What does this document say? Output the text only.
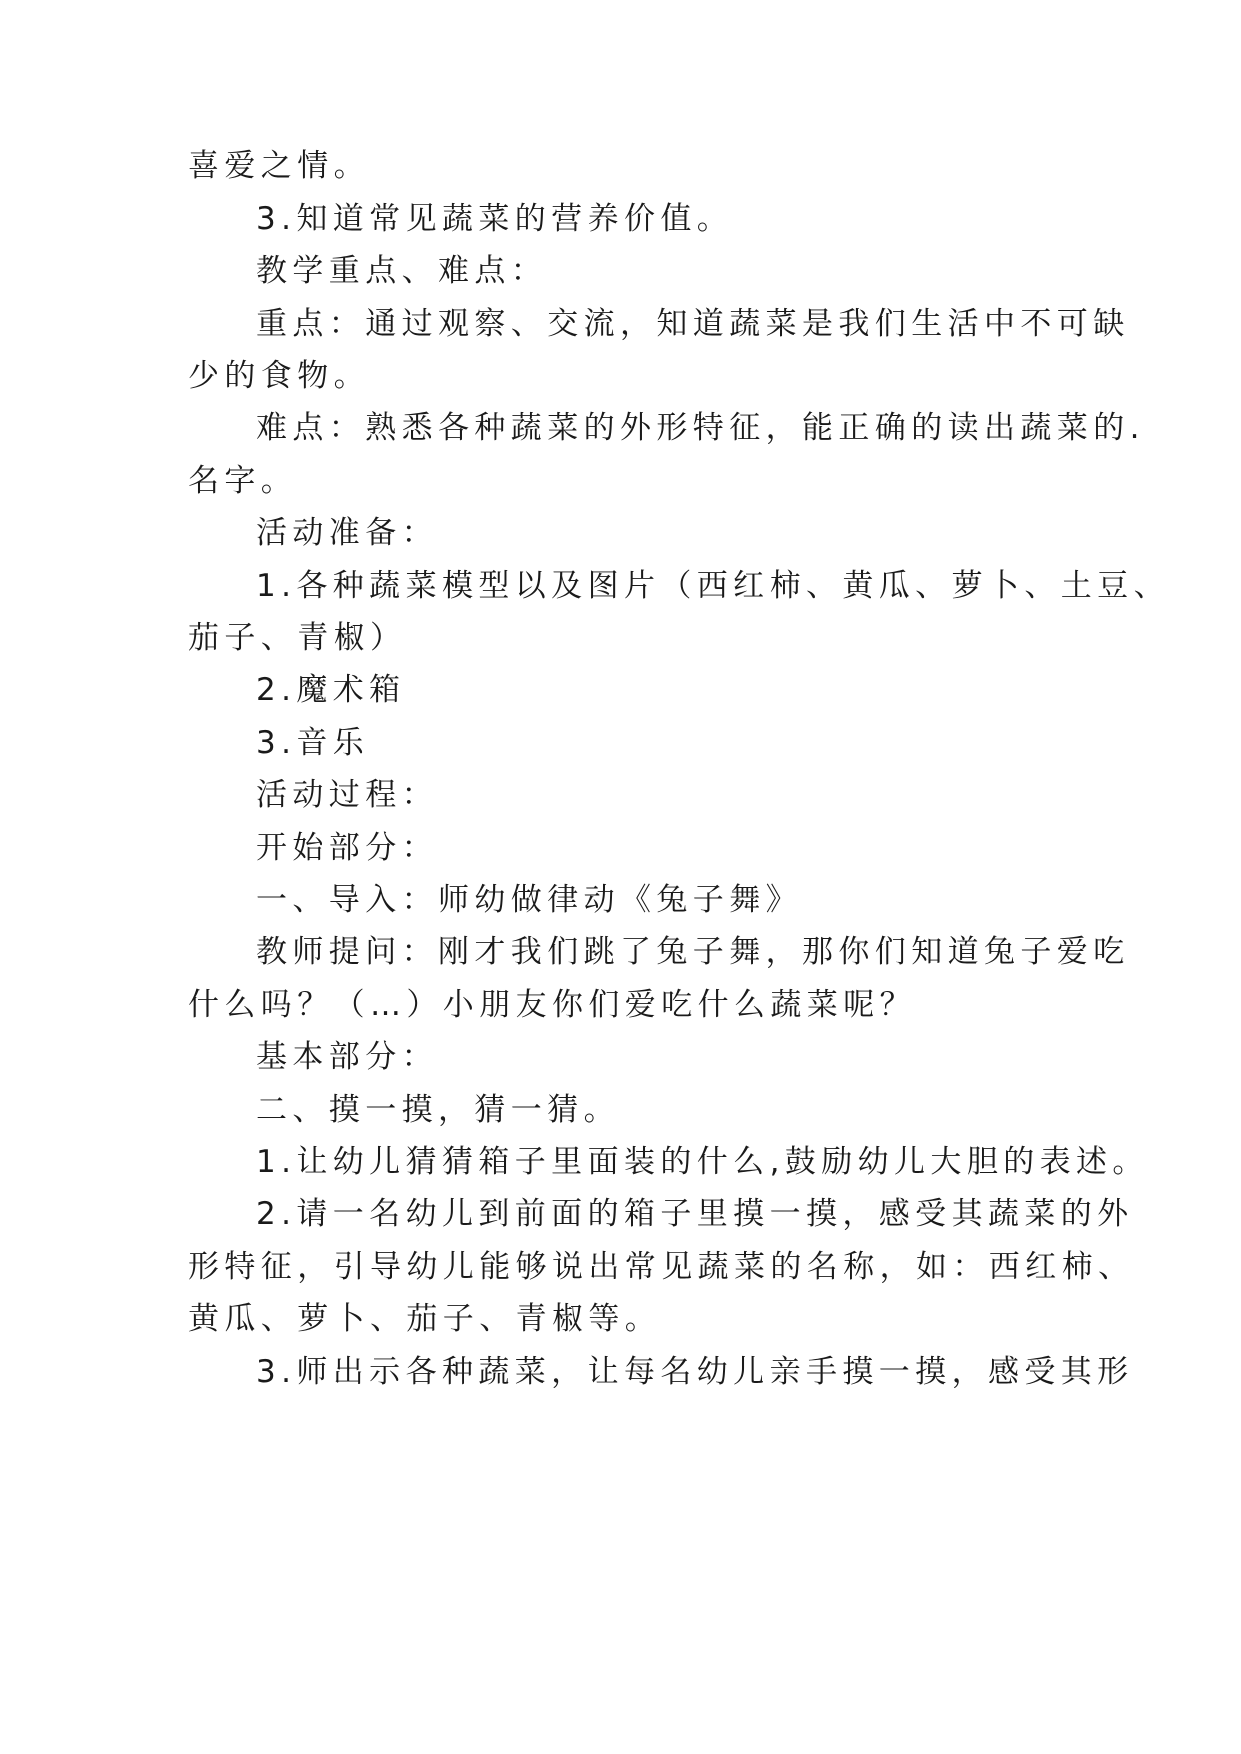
喜爱之情。
3.知道常见蔬菜的营养价值。
教学重点、难点：
重点：通过观察、交流，知道蔬菜是我们生活中不可缺
少的食物。
难点：熟悉各种蔬菜的外形特征，能正确的读出蔬菜的.
名字。
活动准备：
1.各种蔬菜模型以及图片（西红柿、黄瓜、萝卜、土豆、
茄子、青椒）
2.魔术箱
3.音乐
活动过程：
开始部分：
一、导入：师幼做律动《兔子舞》
教师提问：刚才我们跳了兔子舞，那你们知道兔子爱吃
什么吗？（…）小朋友你们爱吃什么蔬菜呢？
基本部分：
二、摸一摸，猜一猜。
1.让幼儿猜猜箱子里面装的什么,鼓励幼儿大胆的表述。
2.请一名幼儿到前面的箱子里摸一摸，感受其蔬菜的外
形特征，引导幼儿能够说出常见蔬菜的名称，如：西红柿、
黄瓜、萝卜、茄子、青椒等。
3.师出示各种蔬菜，让每名幼儿亲手摸一摸，感受其形
